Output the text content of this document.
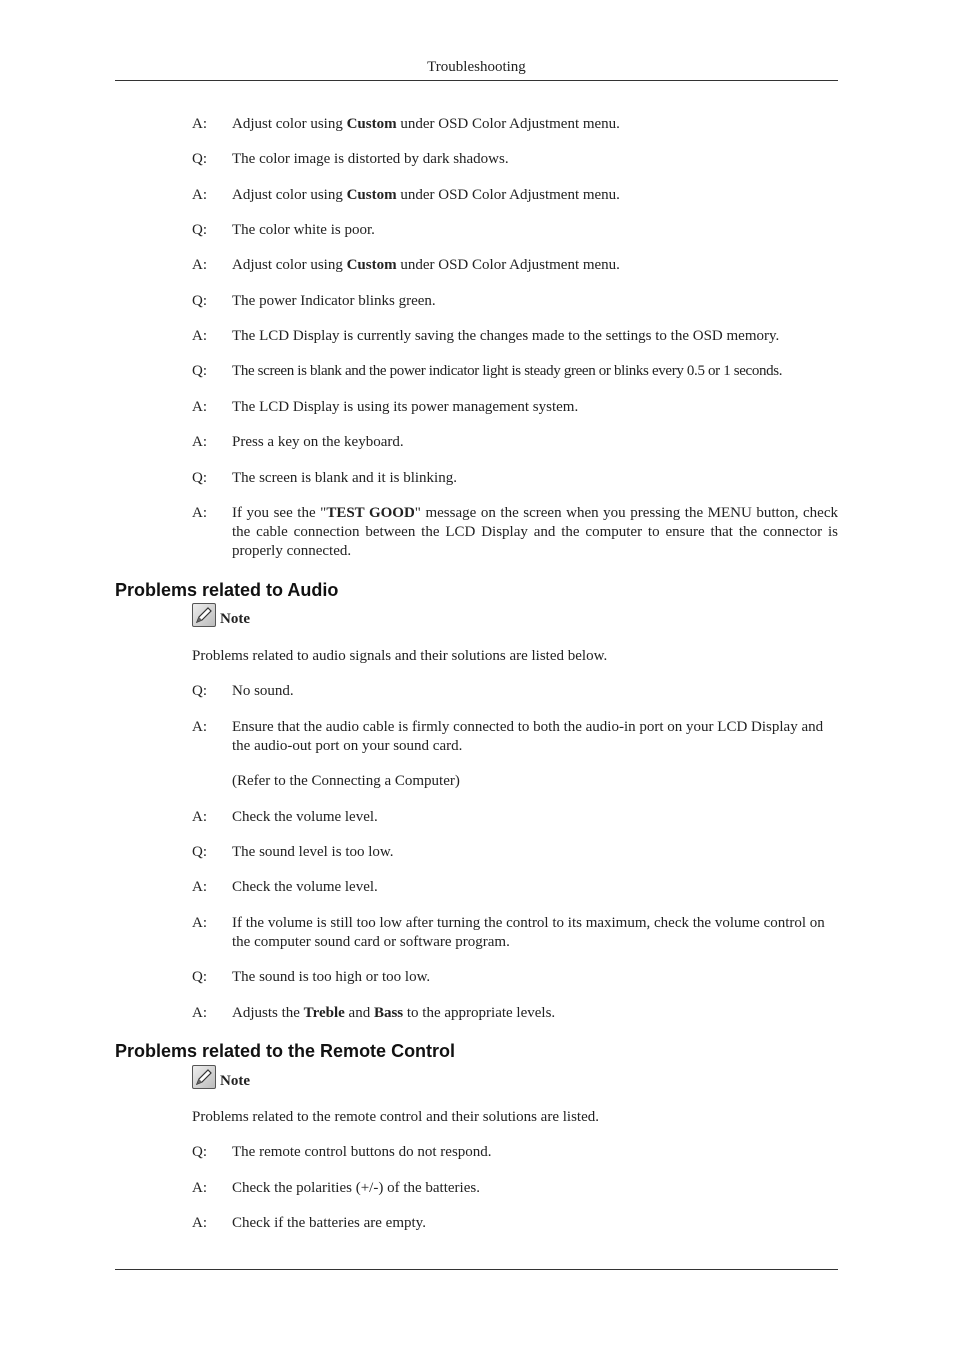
Troubleshooting
A:	Adjust color using Custom under OSD Color Adjustment menu.
Q:	The color image is distorted by dark shadows.
A:	Adjust color using Custom under OSD Color Adjustment menu.
Q:	The color white is poor.
A:	Adjust color using Custom under OSD Color Adjustment menu.
Q:	The power Indicator blinks green.
A:	The LCD Display is currently saving the changes made to the settings to the OSD memory.
Q:	The screen is blank and the power indicator light is steady green or blinks every 0.5 or 1 seconds.
A:	The LCD Display is using its power management system.
A:	Press a key on the keyboard.
Q:	The screen is blank and it is blinking.
A:	If you see the "TEST GOOD" message on the screen when you pressing the MENU button, check the cable connection between the LCD Display and the computer to ensure that the connector is properly connected.
Problems related to Audio
Note
Problems related to audio signals and their solutions are listed below.
Q:	No sound.
A:	Ensure that the audio cable is firmly connected to both the audio-in port on your LCD Display and the audio-out port on your sound card.
(Refer to the Connecting a Computer)
A:	Check the volume level.
Q:	The sound level is too low.
A:	Check the volume level.
A:	If the volume is still too low after turning the control to its maximum, check the volume control on the computer sound card or software program.
Q:	The sound is too high or too low.
A:	Adjusts the Treble and Bass to the appropriate levels.
Problems related to the Remote Control
Note
Problems related to the remote control and their solutions are listed.
Q:	The remote control buttons do not respond.
A:	Check the polarities (+/-) of the batteries.
A:	Check if the batteries are empty.
